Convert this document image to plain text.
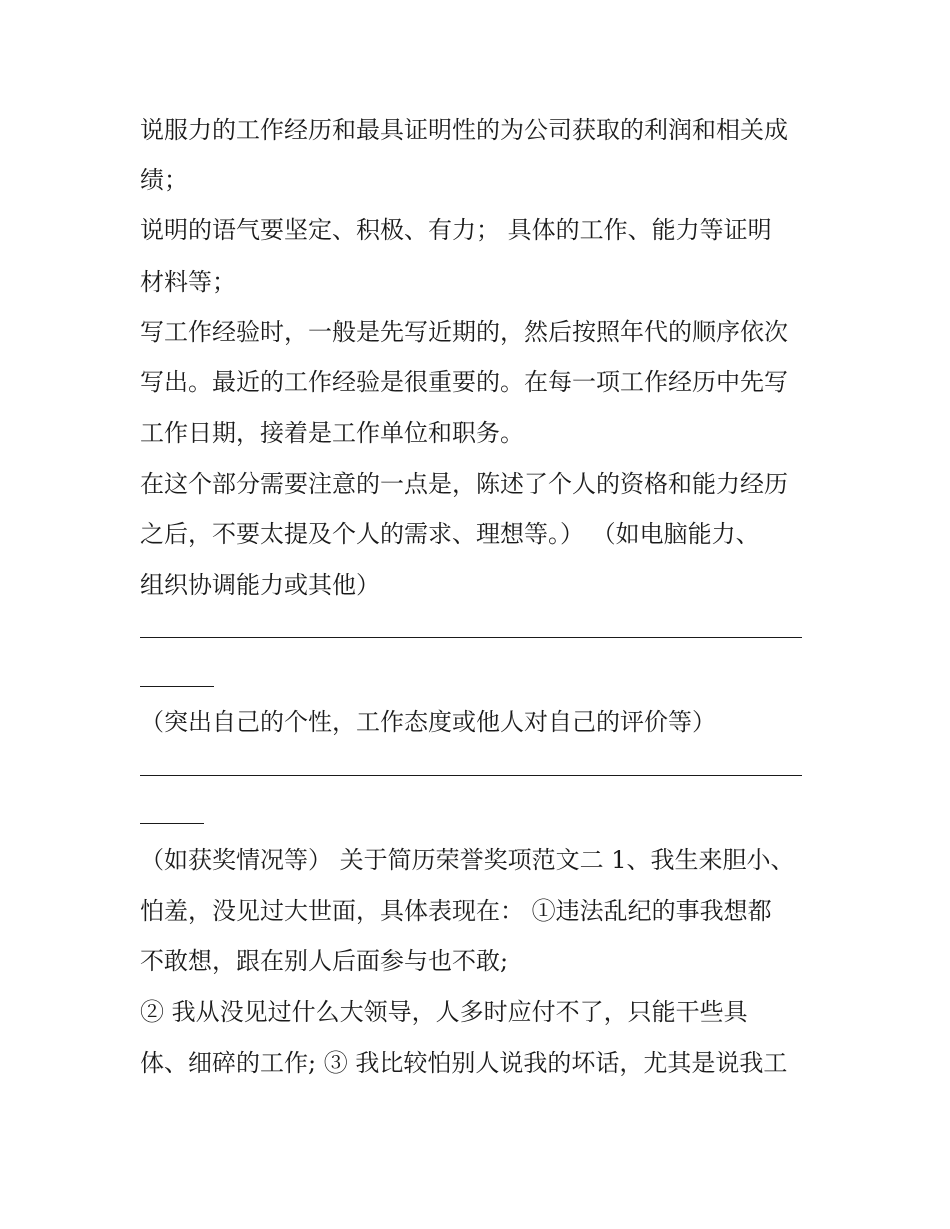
说服力的工作经历和最具证明性的为公司获取的利润和相关成

绩；

说明的语气要坚定、积极、有力； 具体的工作、能力等证明

材料等；

写工作经验时，一般是先写近期的，然后按照年代的顺序依次

写出。最近的工作经验是很重要的。在每一项工作经历中先写

工作日期，接着是工作单位和职务。

在这个部分需要注意的一点是，陈述了个人的资格和能力经历

之后，不要太提及个人的需求、理想等。） （如电脑能力、

组织协调能力或其他）

（突出自己的个性，工作态度或他人对自己的评价等）

（如获奖情况等） 关于简历荣誉奖项范文二 1、我生来胆小、

怕羞，没见过大世面，具体表现在： ①违法乱纪的事我想都

不敢想，跟在别人后面参与也不敢;

② 我从没见过什么大领导，人多时应付不了，只能干些具

体、细碎的工作; ③ 我比较怕别人说我的坏话，尤其是说我工
